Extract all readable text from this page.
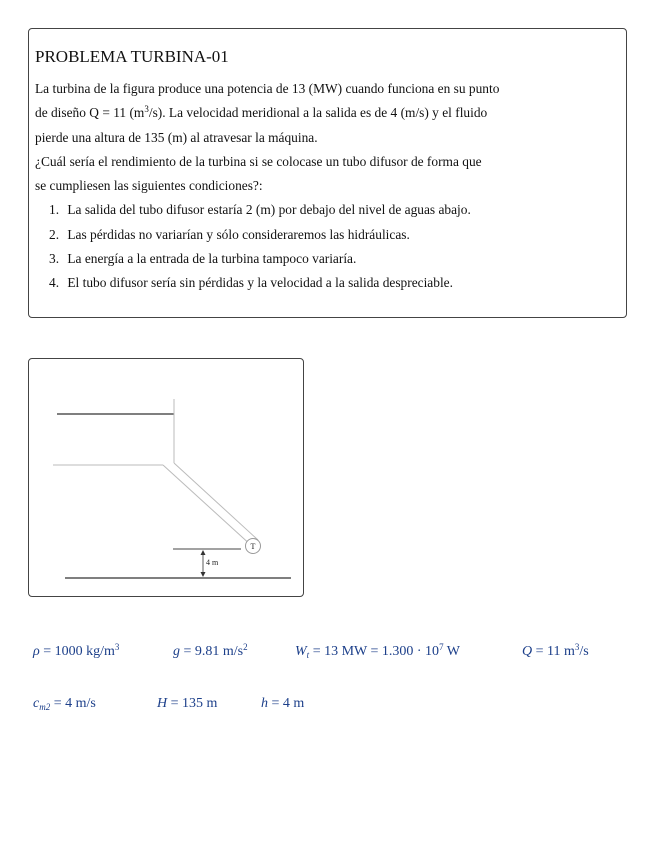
PROBLEMA TURBINA-01

La turbina de la figura produce una potencia de 13 (MW) cuando funciona en su punto

de diseño Q = 11 $(m^3/s)$. La velocidad meridional a la salida es de 4 (m/s) y el fluido

pierde una altura de 135 (m) al atravesar la máquina.

¿Cuál sería el rendimiento de la turbina si se colocase un tubo difusor de forma que

se cumpliesen las siguientes condiciones?:

1. La salida del tubo difusor estaría 2 (m) por debajo del nivel de aguas abajo.
2. Las pérdidas no variarían y sólo consideraremos las hidráulicas.
3. La energía a la entrada de la turbina tampoco variaría.
4. El tubo difusor sería sin pérdidas y la velocidad a la salida despreciable.
T
4 m
ρ = 1000 $kg/m^3$	g = 9.81 $m/s^2$	$W_t = 13$ MW = $1.300 \cdot 10^7$ W	Q = 11 $m^3/s$
$c_{m2} = 4$ m/s	H = 135 m	h = 4 m
